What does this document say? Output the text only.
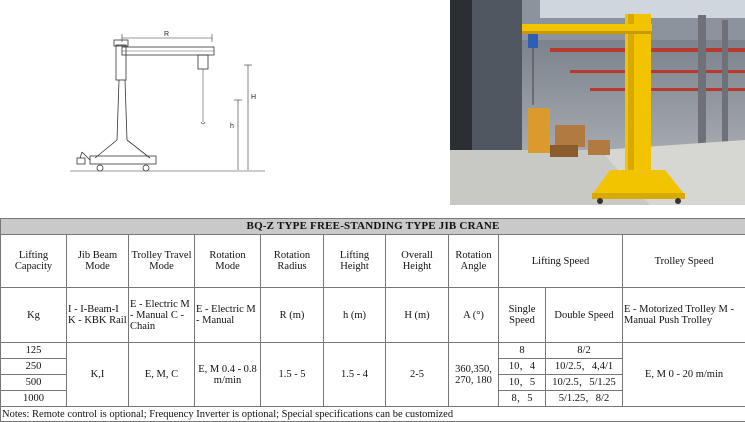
R
H
h
BQ-Z TYPE FREE-STANDING TYPE JIB CRANE										
Lifting Capacity	Jib Beam Mode	Trolley Travel Mode	Rotation Mode	Rotation Radius	Lifting Height	Overall Height	Rotation Angle	Lifting Speed		Trolley Speed
Kg	I - I-Beam-I K - KBK Rail	E - Electric M - Manual C - Chain	E - Electric M - Manual	R (m)	h (m)	H (m)	A (°)	Single Speed	Double Speed	E - Motorized Trolley M - Manual Push Trolley
125	K,I	E, M, C	E, M 0.4 - 0.8 m/min	1.5 - 5	1.5 - 4	2-5	360,350, 270, 180	8	8/2	E, M 0 - 20 m/min
250								10，4	10/2.5，4,4/1	
500								10，5	10/2.5，5/1.25	
1000								8，5	5/1.25，8/2	
Notes: Remote control is optional; Frequency Inverter is optional; Special specifications can be customized										
